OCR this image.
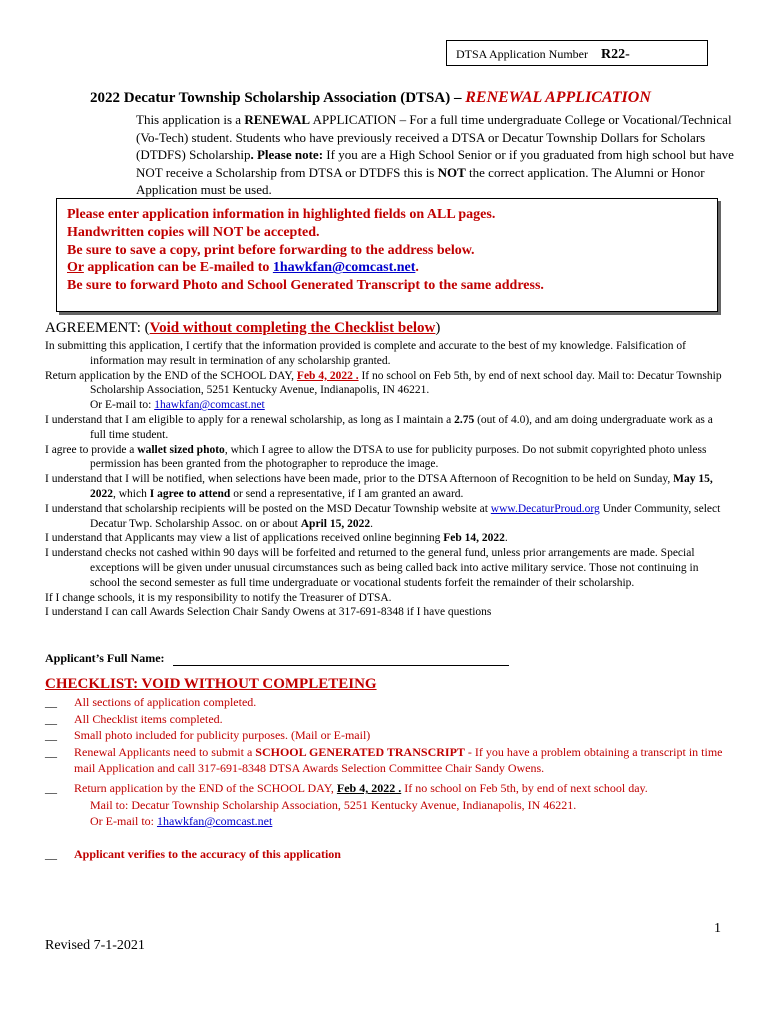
DTSA Application Number R22-
2022 Decatur Township Scholarship Association (DTSA) – RENEWAL APPLICATION
This application is a RENEWAL APPLICATION – For a full time undergraduate College or Vocational/Technical (Vo-Tech) student. Students who have previously received a DTSA or Decatur Township Dollars for Scholars (DTDFS) Scholarship. Please note: If you are a High School Senior or if you graduated from high school but have NOT receive a Scholarship from DTSA or DTDFS this is NOT the correct application. The Alumni or Honor Application must be used.
Please enter application information in highlighted fields on ALL pages.
Handwritten copies will NOT be accepted.
Be sure to save a copy, print before forwarding to the address below.
Or application can be E-mailed to 1hawkfan@comcast.net.
Be sure to forward Photo and School Generated Transcript to the same address.
AGREEMENT: (Void without completing the Checklist below)

In submitting this application, I certify that the information provided is complete and accurate to the best of my knowledge. Falsification of information may result in termination of any scholarship granted.

Return application by the END of the SCHOOL DAY, Feb 4, 2022 . If no school on Feb 5th, by end of next school day. Mail to: Decatur Township Scholarship Association, 5251 Kentucky Avenue, Indianapolis, IN 46221.
Or E-mail to: 1hawkfan@comcast.net

I understand that I am eligible to apply for a renewal scholarship, as long as I maintain a 2.75 (out of 4.0), and am doing undergraduate work as a full time student.

I agree to provide a wallet sized photo, which I agree to allow the DTSA to use for publicity purposes. Do not submit copyrighted photo unless permission has been granted from the photographer to reproduce the image.

I understand that I will be notified, when selections have been made, prior to the DTSA Afternoon of Recognition to be held on Sunday, May 15, 2022, which I agree to attend or send a representative, if I am granted an award.

I understand that scholarship recipients will be posted on the MSD Decatur Township website at www.DecaturProud.org Under Community, select Decatur Twp. Scholarship Assoc. on or about April 15, 2022.

I understand that Applicants may view a list of applications received online beginning Feb 14, 2022.

I understand checks not cashed within 90 days will be forfeited and returned to the general fund, unless prior arrangements are made. Special exceptions will be given under unusual circumstances such as being called back into active military service. Those not continuing in school the second semester as full time undergraduate or vocational students forfeit the remainder of their scholarship.

If I change schools, it is my responsibility to notify the Treasurer of DTSA.

I understand I can call Awards Selection Chair Sandy Owens at 317-691-8348 if I have questions

Applicant’s Full Name:
CHECKLIST: VOID WITHOUT COMPLETEING
__ All sections of application completed.
__ All Checklist items completed.
__ Small photo included for publicity purposes. (Mail or E-mail)
__ Renewal Applicants need to submit a SCHOOL GENERATED TRANSCRIPT - If you have a problem obtaining a transcript in time mail Application and call 317-691-8348 DTSA Awards Selection Committee Chair Sandy Owens.
__ Return application by the END of the SCHOOL DAY, Feb 4, 2022 . If no school on Feb 5th, by end of next school day.
Mail to: Decatur Township Scholarship Association, 5251 Kentucky Avenue, Indianapolis, IN 46221.
Or E-mail to: 1hawkfan@comcast.net
__ Applicant verifies to the accuracy of this application
1
Revised 7-1-2021
